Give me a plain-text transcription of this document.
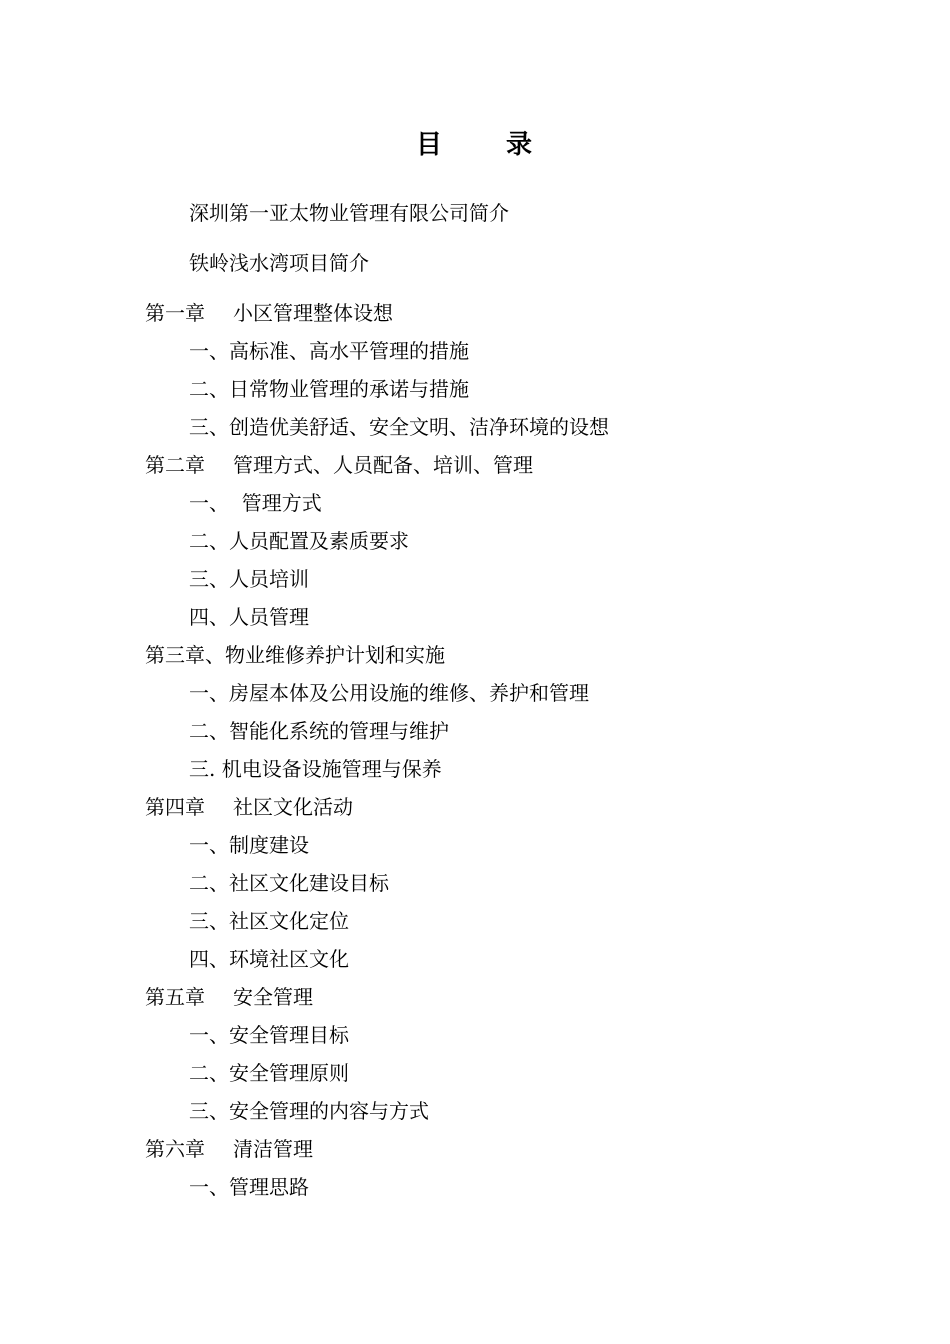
目 录
深圳第一亚太物业管理有限公司简介
铁岭浅水湾项目简介
第一章 小区管理整体设想
一、高标准、高水平管理的措施
二、日常物业管理的承诺与措施
三、创造优美舒适、安全文明、洁净环境的设想
第二章 管理方式、人员配备、培训、管理
一、  管理方式
二、人员配置及素质要求
三、人员培训
四、人员管理
第三章、物业维修养护计划和实施
一、房屋本体及公用设施的维修、养护和管理
二、智能化系统的管理与维护
三. 机电设备设施管理与保养
第四章 社区文化活动
一、制度建设
二、社区文化建设目标
三、社区文化定位
四、环境社区文化
第五章 安全管理
一、安全管理目标
二、安全管理原则
三、安全管理的内容与方式
第六章 清洁管理
一、管理思路
